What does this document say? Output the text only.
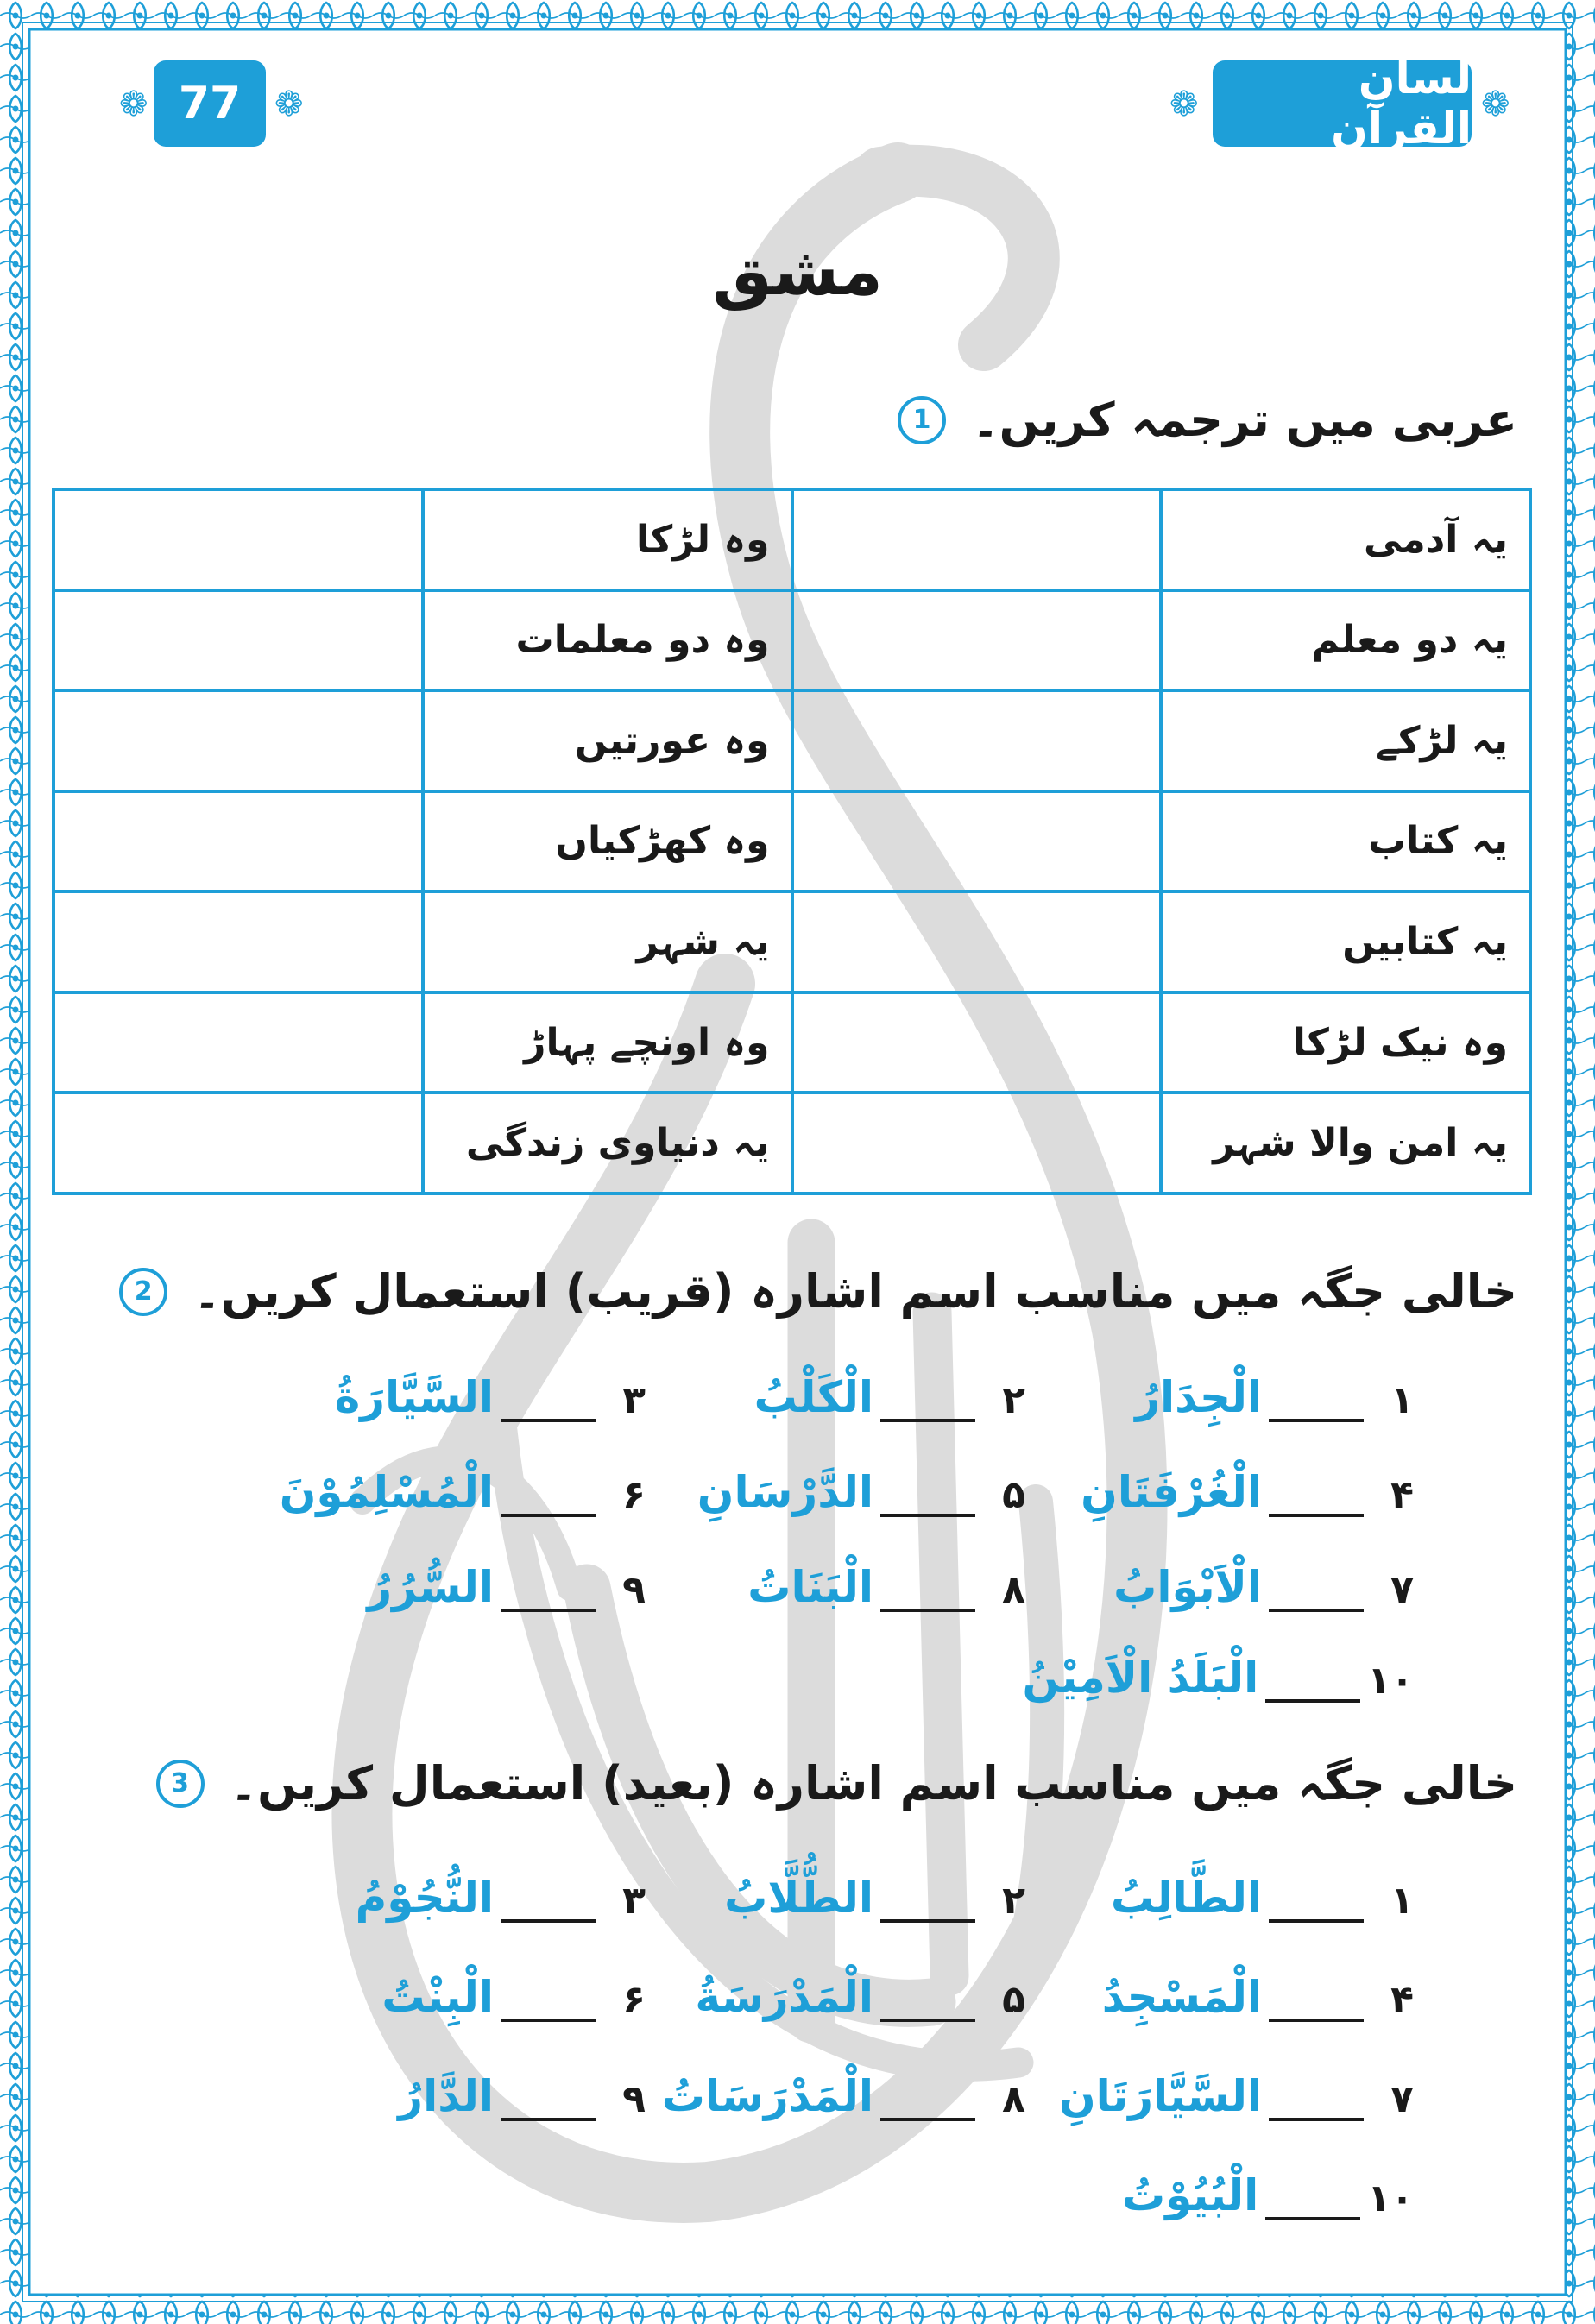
❁ 77 ❁	❁
لسان القرآن ❁
مشق
1 عربی میں ترجمہ کریں۔
یہ آدمی		وہ لڑکا	
یہ دو معلم		وہ دو معلمات	
یہ لڑکے		وہ عورتیں	
یہ کتاب		وہ کھڑکیاں	
یہ کتابیں		یہ شہر	
وہ نیک لڑکا		وہ اونچے پہاڑ	
یہ امن والا شہر		یہ دنیاوی زندگی	
2 خالی جگہ میں مناسب اسم اشارہ (قریب) استعمال کریں۔
۱
الْجِدَارُ
۲
الْكَلْبُ
۳
السَّيَّارَةُ
۴
الْغُرْفَتَانِ
۵
الدَّرْسَانِ
۶
الْمُسْلِمُوْنَ
۷
الْاَبْوَابُ
۸
الْبَنَاتُ
۹
السُّرُرُ
۱۰
الْبَلَدُ الْاَمِيْنُ
3 خالی جگہ میں مناسب اسم اشارہ (بعید) استعمال کریں۔
۱
الطَّالِبُ
۲
الطُّلَّابُ
۳
النُّجُوْمُ
۴
الْمَسْجِدُ
۵
الْمَدْرَسَةُ
۶
الْبِنْتُ
۷
السَّيَّارَتَانِ
۸
الْمَدْرَسَاتُ
۹
الدَّارُ
۱۰
الْبُيُوْتُ
